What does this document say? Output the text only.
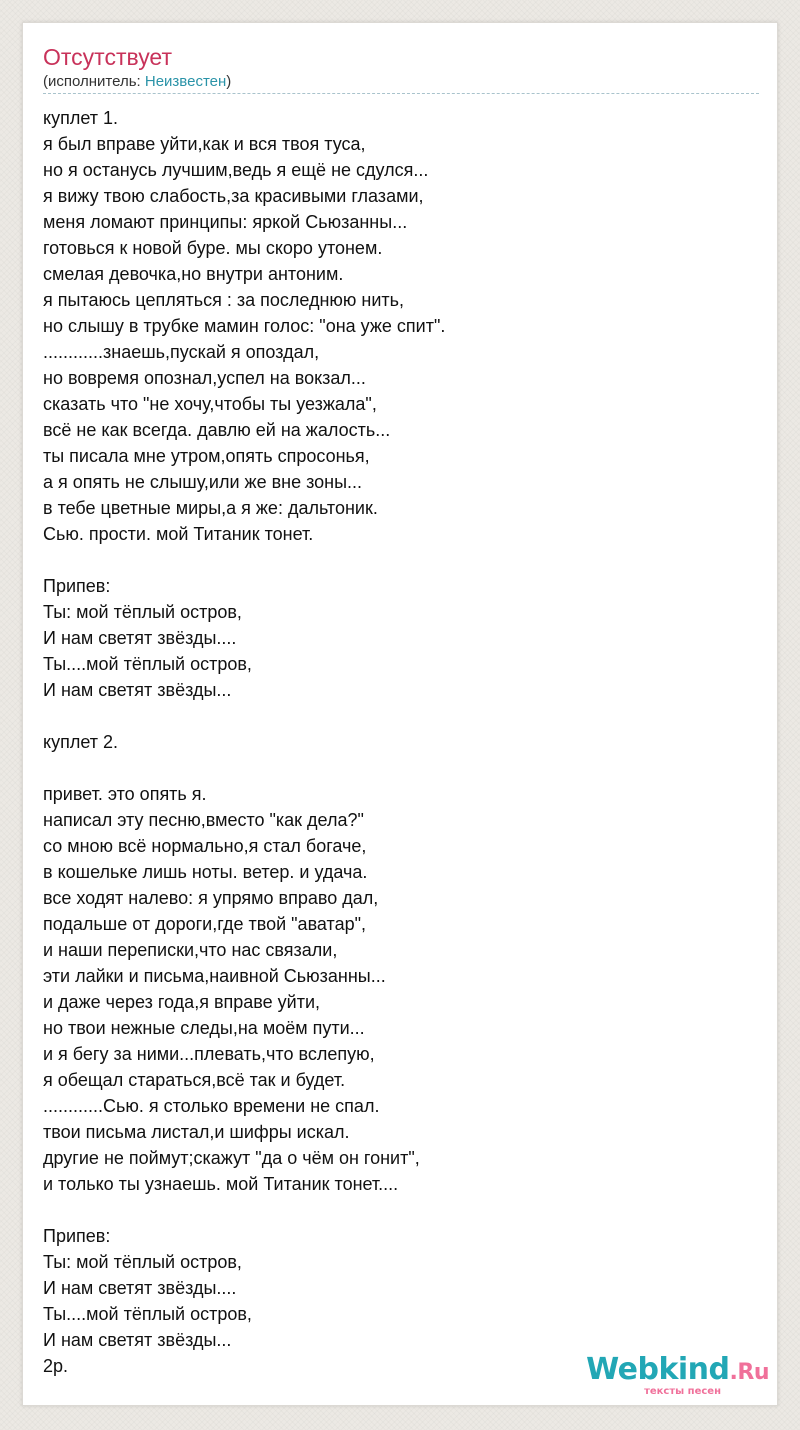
Отсутствует
(исполнитель: Неизвестен)
куплет 1.
я был вправе уйти,как и вся твоя туса,
но я останусь лучшим,ведь я ещё не сдулся...
я вижу твою слабость,за красивыми глазами,
меня ломают принципы: яркой Сьюзанны...
готовься к новой буре. мы скоро утонем.
смелая девочка,но внутри антоним.
я пытаюсь цепляться : за последнюю нить,
но слышу в трубке мамин голос: "она уже спит".
............знаешь,пускай я опоздал,
но вовремя опознал,успел на вокзал...
сказать что "не хочу,чтобы ты уезжала",
всё не как всегда. давлю ей на жалость...
ты писала мне утром,опять спросонья,
а я опять не слышу,или же вне зоны...
в тебе цветные миры,а я же: дальтоник.
Сью. прости. мой Титаник тонет.
Припев:
Ты: мой тёплый остров,
И нам светят звёзды....
Ты....мой тёплый остров,
И нам светят звёзды...
куплет 2.
привет. это опять я.
написал эту песню,вместо "как дела?"
со мною всё нормально,я стал богаче,
в кошельке лишь ноты. ветер. и удача.
все ходят налево: я упрямо вправо дал,
подальше от дороги,где твой "аватар",
и наши переписки,что нас связали,
эти лайки и письма,наивной Сьюзанны...
и даже через года,я вправе уйти,
но твои нежные следы,на моём пути...
и я бегу за ними...плевать,что вслепую,
я обещал стараться,всё так и будет.
............Сью. я столько времени не спал.
твои письма листал,и шифры искал.
другие не поймут;скажут "да о чём он гонит",
и только ты узнаешь. мой Титаник тонет....
Припев:
Ты: мой тёплый остров,
И нам светят звёзды....
Ты....мой тёплый остров,
И нам светят звёзды...
2р.	Webkind.Ru
тексты песен
